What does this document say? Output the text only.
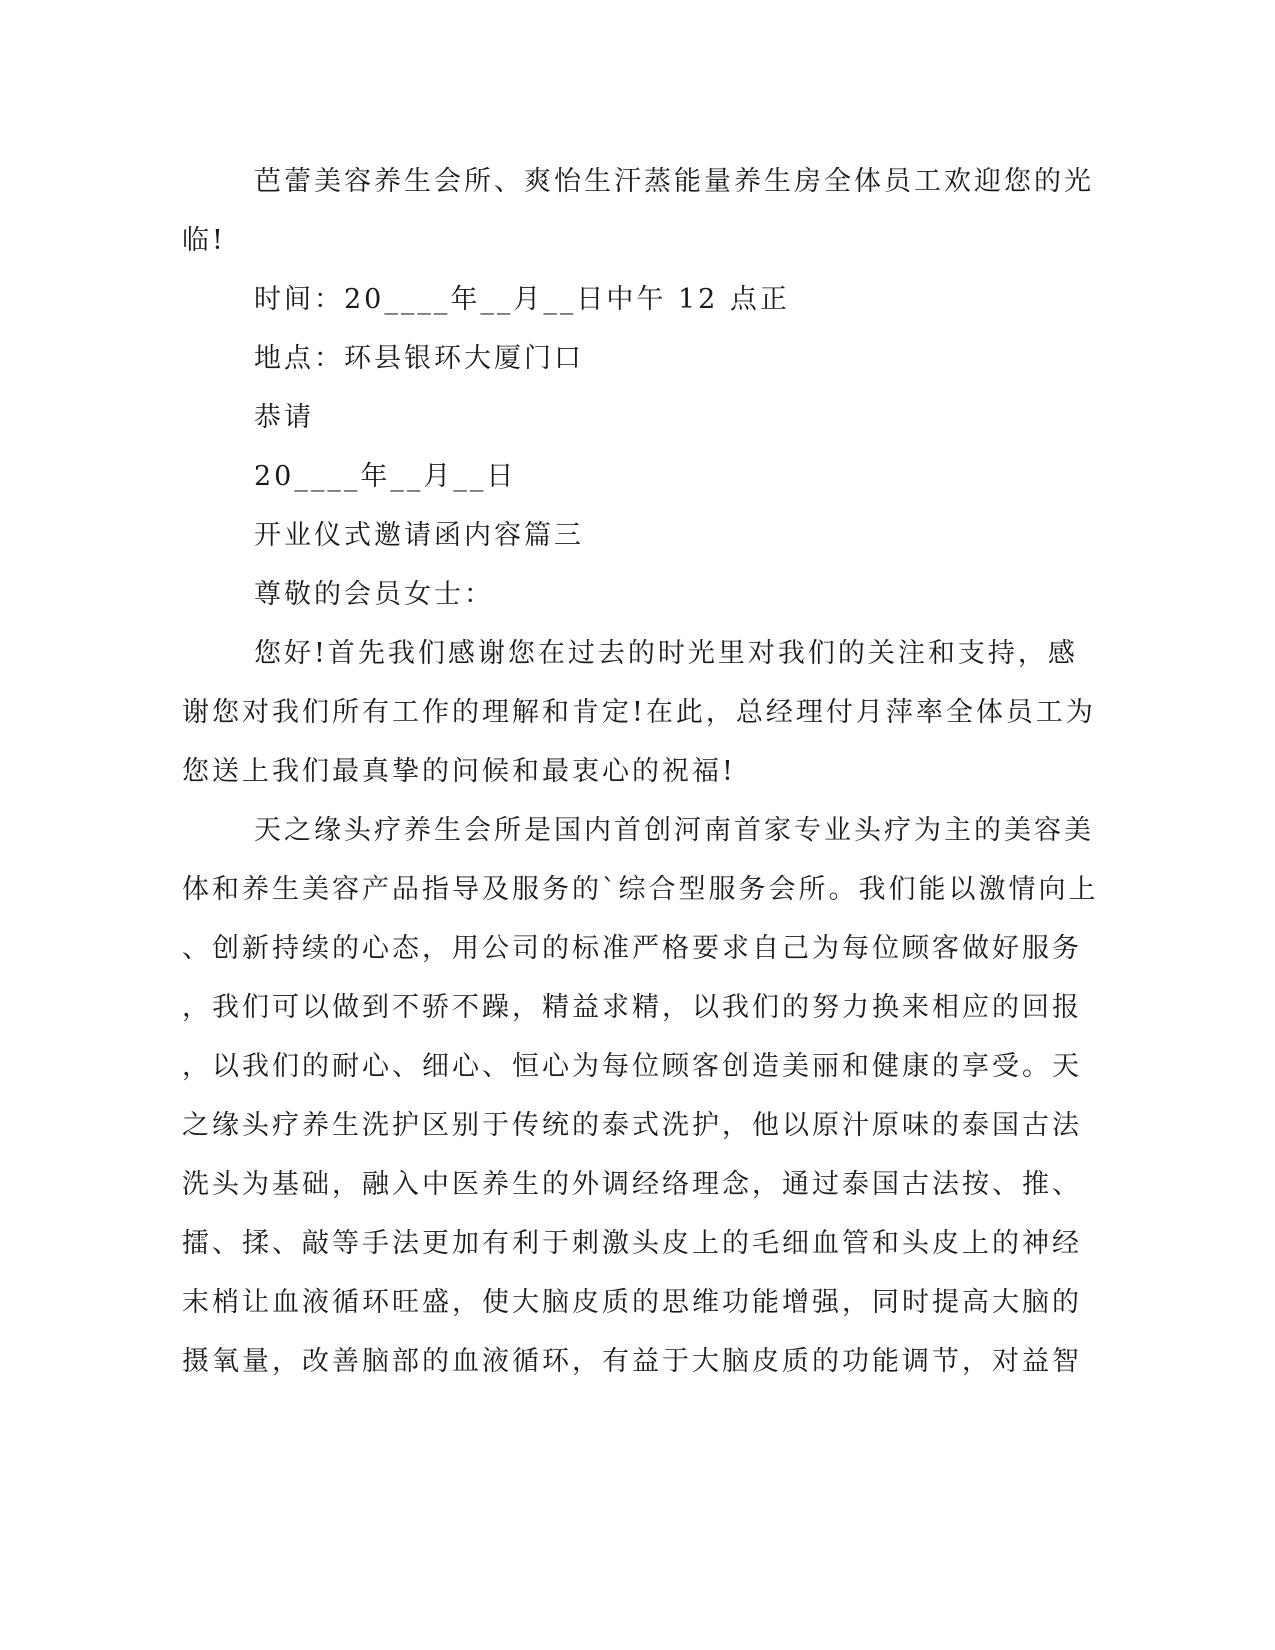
芭蕾美容养生会所、爽怡生汗蒸能量养生房全体员工欢迎您的光
临!

时间：20____年__月__日中午 12 点正

地点：环县银环大厦门口

恭请

20____年__月__日

开业仪式邀请函内容篇三

尊敬的会员女士：

您好!首先我们感谢您在过去的时光里对我们的关注和支持，感
谢您对我们所有工作的理解和肯定!在此，总经理付月萍率全体员工为
您送上我们最真挚的问候和最衷心的祝福!

天之缘头疗养生会所是国内首创河南首家专业头疗为主的美容美
体和养生美容产品指导及服务的`综合型服务会所。我们能以激情向上
、创新持续的心态，用公司的标准严格要求自己为每位顾客做好服务
，我们可以做到不骄不躁，精益求精，以我们的努力换来相应的回报
，以我们的耐心、细心、恒心为每位顾客创造美丽和健康的享受。天
之缘头疗养生洗护区别于传统的泰式洗护，他以原汁原味的泰国古法
洗头为基础，融入中医养生的外调经络理念，通过泰国古法按、推、
擂、揉、敲等手法更加有利于刺激头皮上的毛细血管和头皮上的神经
末梢让血液循环旺盛，使大脑皮质的思维功能增强，同时提高大脑的
摄氧量，改善脑部的血液循环，有益于大脑皮质的功能调节，对益智
